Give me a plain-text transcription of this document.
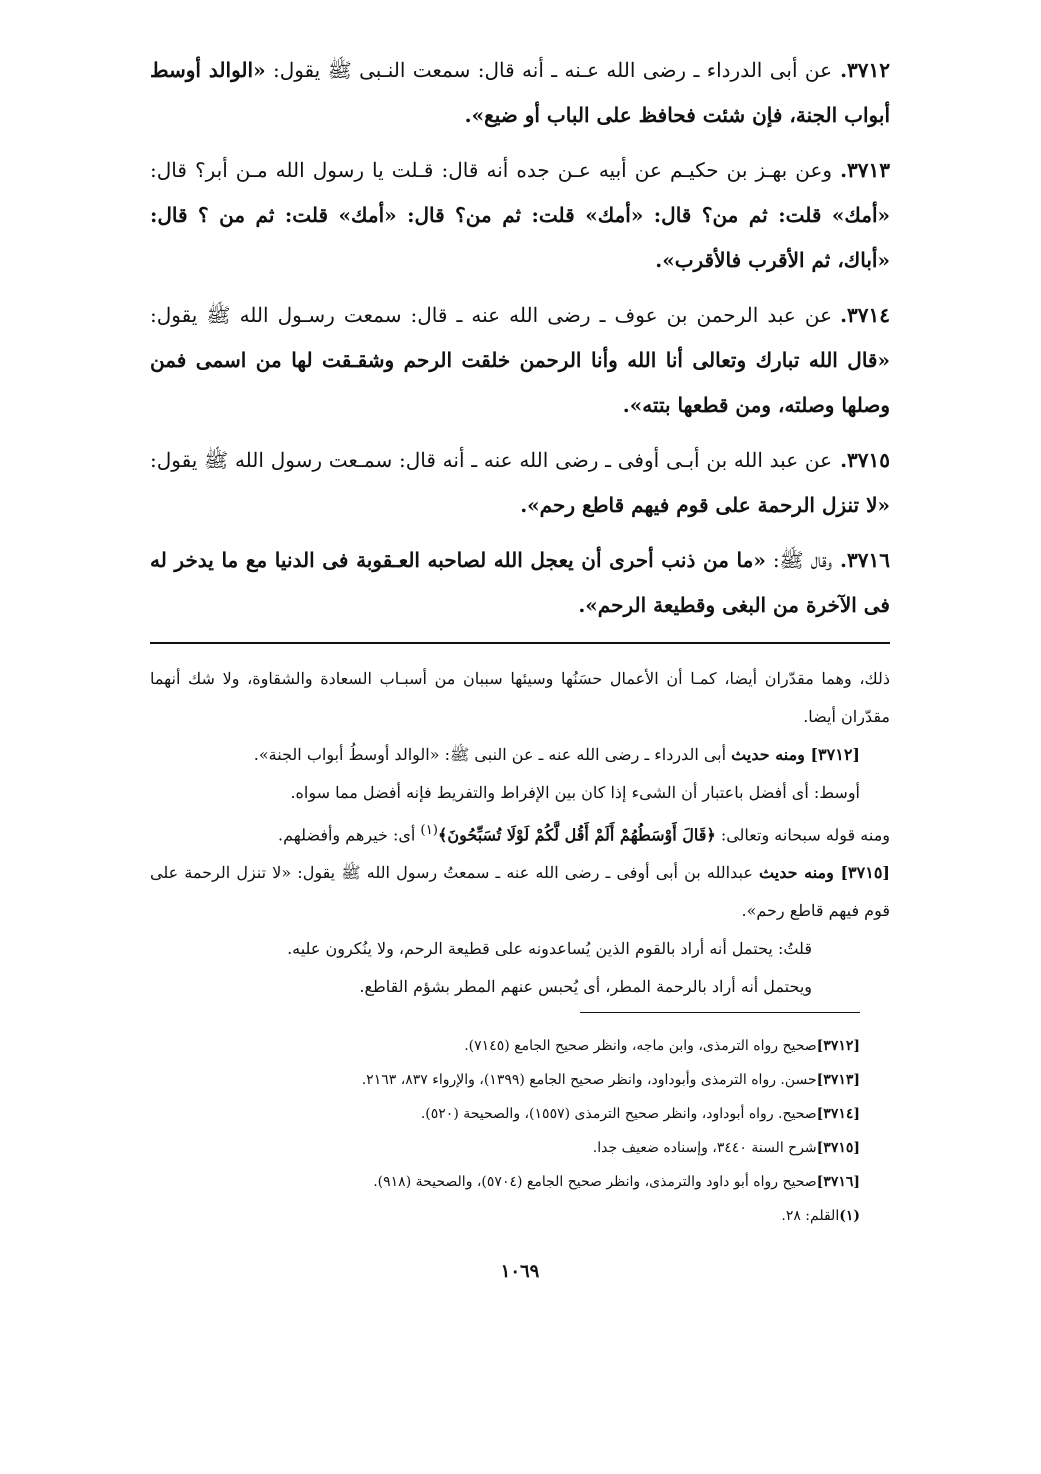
٣٧١٢.عن أبى الدرداء ـ رضى الله عـنه ـ أنه قال: سمعت النـبى ﷺ يقول: «الوالد أوسط أبواب الجنة، فإن شئت فحافظ على الباب أو ضيع».

٣٧١٣.وعن بهـز بن حكيـم عن أبيه عـن جده أنه قال: قـلت يا رسول الله مـن أبر؟ قال: «أمك» قلت: ثم من؟ قال: «أمك» قلت: ثم من؟ قال: «أمك» قلت: ثم من ؟ قال: «أباك، ثم الأقرب فالأقرب».

٣٧١٤.عن عبد الرحمن بن عوف ـ رضى الله عنه ـ قال: سمعت رسـول الله ﷺ يقول: «قال الله تبارك وتعالى أنا الله وأنا الرحمن خلقت الرحم وشقـقت لها من اسمى فمن وصلها وصلته، ومن قطعها بتته».

٣٧١٥.عن عبد الله بن أبـى أوفى ـ رضى الله عنه ـ أنه قال: سمـعت رسول الله ﷺ يقول: «لا تنزل الرحمة على قوم فيهم قاطع رحم».

٣٧١٦.وقال ﷺ: «ما من ذنب أحرى أن يعجل الله لصاحبه العـقوبة فى الدنيا مع ما يدخر له فى الآخرة من البغى وقطيعة الرحم».

ذلك، وهما مقدّران أيضا، كمـا أن الأعمال حسَنُها وسيئها سببان من أسبـاب السعادة والشقاوة، ولا شك أنهما مقدّران أيضا.

[٣٧١٢] ومنه حديث أبى الدرداء ـ رضى الله عنه ـ عن النبى ﷺ: «الوالد أوسطُ أبواب الجنة».

أوسط: أى أفضل باعتبار أن الشىء إذا كان بين الإفراط والتفريط فإنه أفضل مما سواه.

ومنه قوله سبحانه وتعالى: ﴿قَالَ أَوْسَطُهُمْ أَلَمْ أَقُل لَّكُمْ لَوْلَا تُسَبِّحُونَ﴾$^{(١)}$ أى: خيرهم وأفضلهم.

[٣٧١٥] ومنه حديث عبدالله بن أبى أوفى ـ رضى الله عنه ـ سمعتُ رسول الله ﷺ يقول: «لا تنزل الرحمة على قوم فيهم قاطع رحم».

قلتُ: يحتمل أنه أراد بالقوم الذين يُساعدونه على قطيعة الرحم، ولا ينُكرون عليه.

ويحتمل أنه أراد بالرحمة المطر، أى يُحبس عنهم المطر بشؤم القاطع.

[٣٧١٢]صحيح رواه الترمذى، وابن ماجه، وانظر صحيح الجامع (٧١٤٥).

[٣٧١٣]حسن. رواه الترمذى وأبوداود، وانظر صحيح الجامع (١٣٩٩)، والإرواء ٨٣٧، ٢١٦٣.

[٣٧١٤]صحيح. رواه أبوداود، وانظر صحيح الترمذى (١٥٥٧)، والصحيحة (٥٢٠).

[٣٧١٥]شرح السنة ٣٤٤٠، وإسناده ضعيف جدا.

[٣٧١٦]صحيح رواه أبو داود والترمذى، وانظر صحيح الجامع (٥٧٠٤)، والصحيحة (٩١٨).

(١)القلم: ٢٨.

١٠٦٩
